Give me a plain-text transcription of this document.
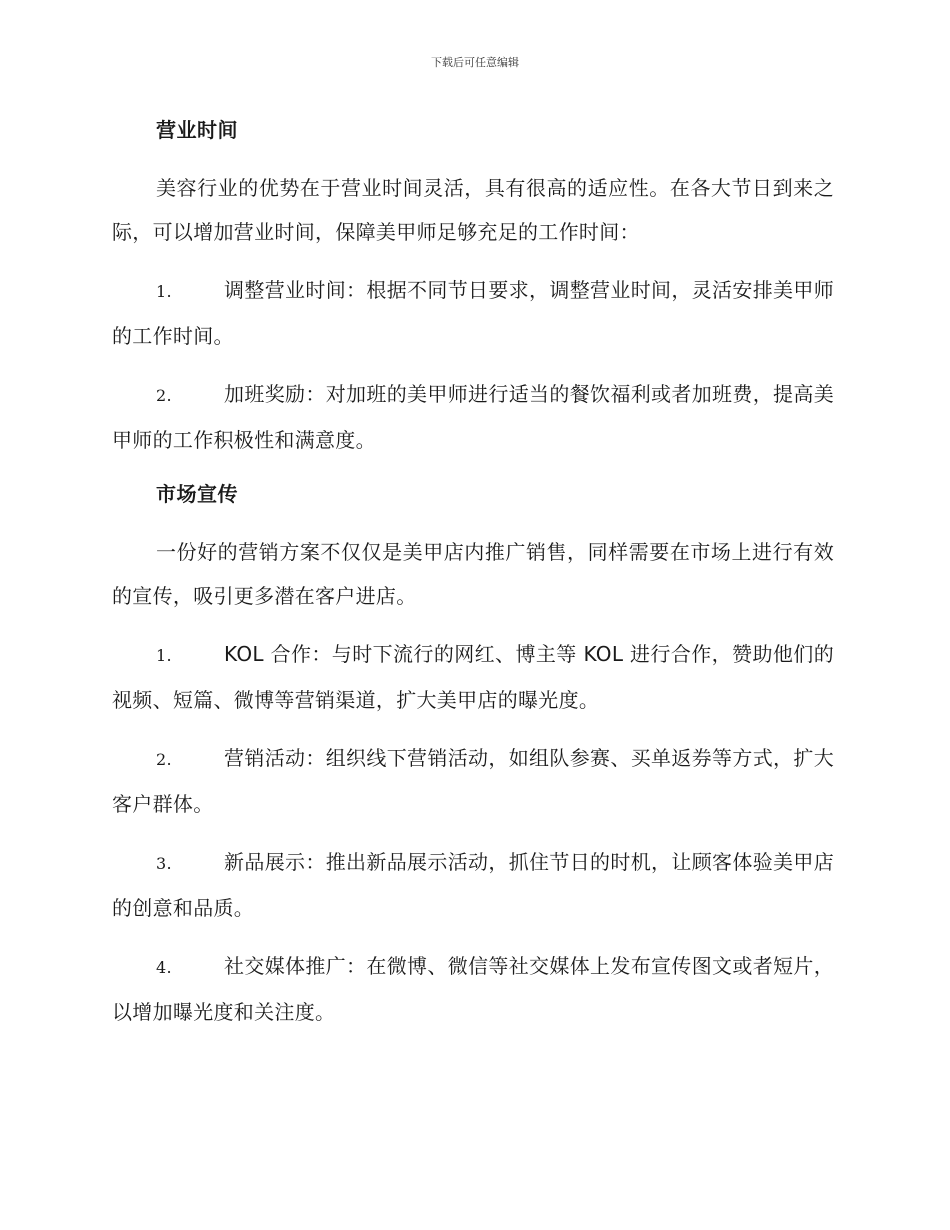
下载后可任意编辑
营业时间

美容行业的优势在于营业时间灵活，具有很高的适应性。在各大节日到来之际，可以增加营业时间，保障美甲师足够充足的工作时间：

1.	调整营业时间：根据不同节日要求，调整营业时间，灵活安排美甲师的工作时间。

2.	加班奖励：对加班的美甲师进行适当的餐饮福利或者加班费，提高美甲师的工作积极性和满意度。

市场宣传

一份好的营销方案不仅仅是美甲店内推广销售，同样需要在市场上进行有效的宣传，吸引更多潜在客户进店。

1.	KOL 合作：与时下流行的网红、博主等 KOL 进行合作，赞助他们的视频、短篇、微博等营销渠道，扩大美甲店的曝光度。

2.	营销活动：组织线下营销活动，如组队参赛、买单返券等方式，扩大客户群体。

3.	新品展示：推出新品展示活动，抓住节日的时机，让顾客体验美甲店的创意和品质。

4.	社交媒体推广：在微博、微信等社交媒体上发布宣传图文或者短片，以增加曝光度和关注度。
